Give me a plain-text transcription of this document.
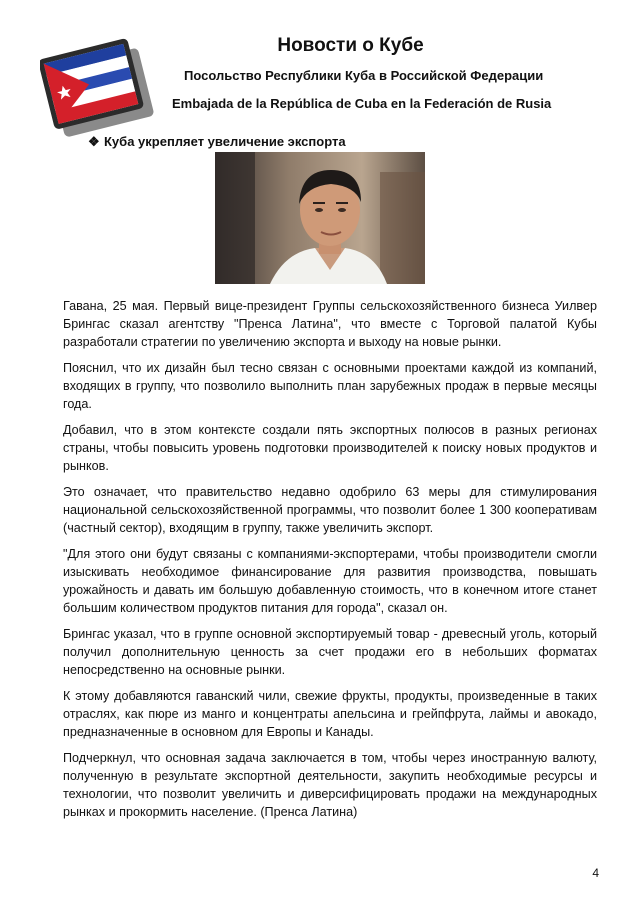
Новости о Кубе
Посольство Республики Куба в Российской Федерации
Embajada de la República de Cuba en la Federación de Rusia
❖ Куба укрепляет увеличение экспорта

Гавана, 25 мая. Первый вице-президент Группы сельскохозяйственного бизнеса Уилвер Брингас сказал агентству "Пренса Латина", что вместе с Торговой палатой Кубы разработали стратегии по увеличению экспорта и выходу на новые рынки.

Пояснил, что их дизайн был тесно связан с основными проектами каждой из компаний, входящих в группу, что позволило выполнить план зарубежных продаж в первые месяцы года.

Добавил, что в этом контексте создали пять экспортных полюсов в разных регионах страны, чтобы повысить уровень подготовки производителей к поиску новых продуктов и рынков.

Это означает, что правительство недавно одобрило 63 меры для стимулирования национальной сельскохозяйственной программы, что позволит более 1 300 кооперативам (частный сектор), входящим в группу, также увеличить экспорт.

"Для этого они будут связаны с компаниями-экспортерами, чтобы производители смогли изыскивать необходимое финансирование для развития производства, повышать урожайность и давать им большую добавленную стоимость, что в конечном итоге станет большим количеством продуктов питания для города", сказал он.

Брингас указал, что в группе основной экспортируемый товар - древесный уголь, который получил дополнительную ценность за счет продажи его в небольших форматах непосредственно на основные рынки.

К этому добавляются гаванский чили, свежие фрукты, продукты, произведенные в таких отраслях, как пюре из манго и концентраты апельсина и грейпфрута, лаймы и авокадо, предназначенные в основном для Европы и Канады.

Подчеркнул, что основная задача заключается в том, чтобы через иностранную валюту, полученную в результате экспортной деятельности, закупить необходимые ресурсы и технологии, что позволит увеличить и диверсифицировать продажи на международных рынках и прокормить население. (Пренса Латина)

4
